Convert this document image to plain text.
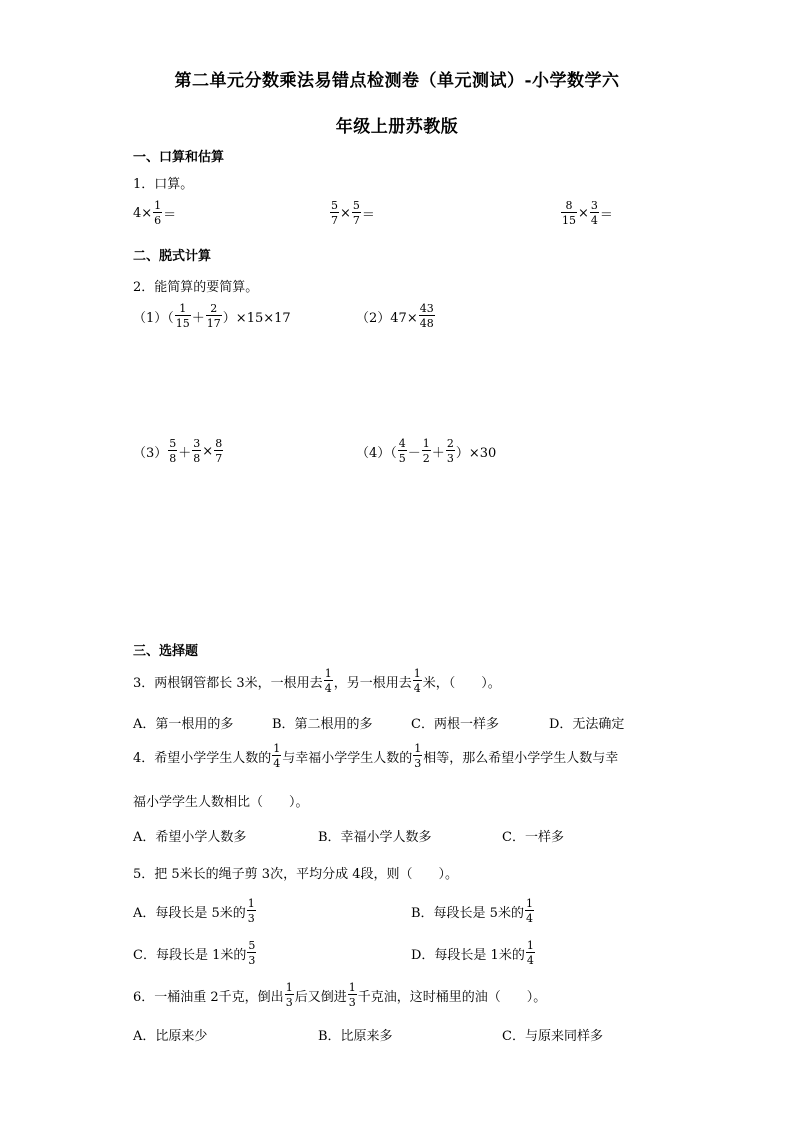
第二单元分数乘法易错点检测卷（单元测试）-小学数学六
年级上册苏教版
一、口算和估算
1．口算。
$4\times \frac{1}{6}$ ＝	$\frac{5}{7} \times \frac{5}{7}$ ＝	$\frac{8}{15} \times \frac{3}{4}$ ＝
二、脱式计算
2．能简算的要简算。
$(1)( \frac{1}{15} + \frac{2}{17} )\times 15\times 17$	$(2)47\times \frac{43}{48}$
$(3) \frac{5}{8} + \frac{3}{8} \times \frac{8}{7}$	$(4)( \frac{4}{5} - \frac{1}{2} + \frac{2}{3} )\times 30$
三、选择题
3．两根钢管都长 3米，一根用去 $\frac{1}{4}$ ，另一根用去 $\frac{1}{4}$ 米，（　　）。
A．第一根用的多	B．第二根用的多	C．两根一样多	D．无法确定
4．希望小学学生人数的 $\frac{1}{4}$ 与幸福小学学生人数的 $\frac{1}{3}$ 相等，那么希望小学学生人数与幸
福小学学生人数相比（　　）。
A．希望小学人数多	B．幸福小学人数多	C．一样多
5．把 5米长的绳子剪 3次，平均分成 4段，则（　　）。
A．每段长是 5米的 $\frac{1}{3}$	B．每段长是 5米的 $\frac{1}{4}$
C．每段长是 1米的 $\frac{5}{3}$	D．每段长是 1米的 $\frac{1}{4}$
6．一桶油重 2千克，倒出 $\frac{1}{3}$ 后又倒进 $\frac{1}{3}$ 千克油，这时桶里的油（　　）。
A．比原来少	B．比原来多	C．与原来同样多
